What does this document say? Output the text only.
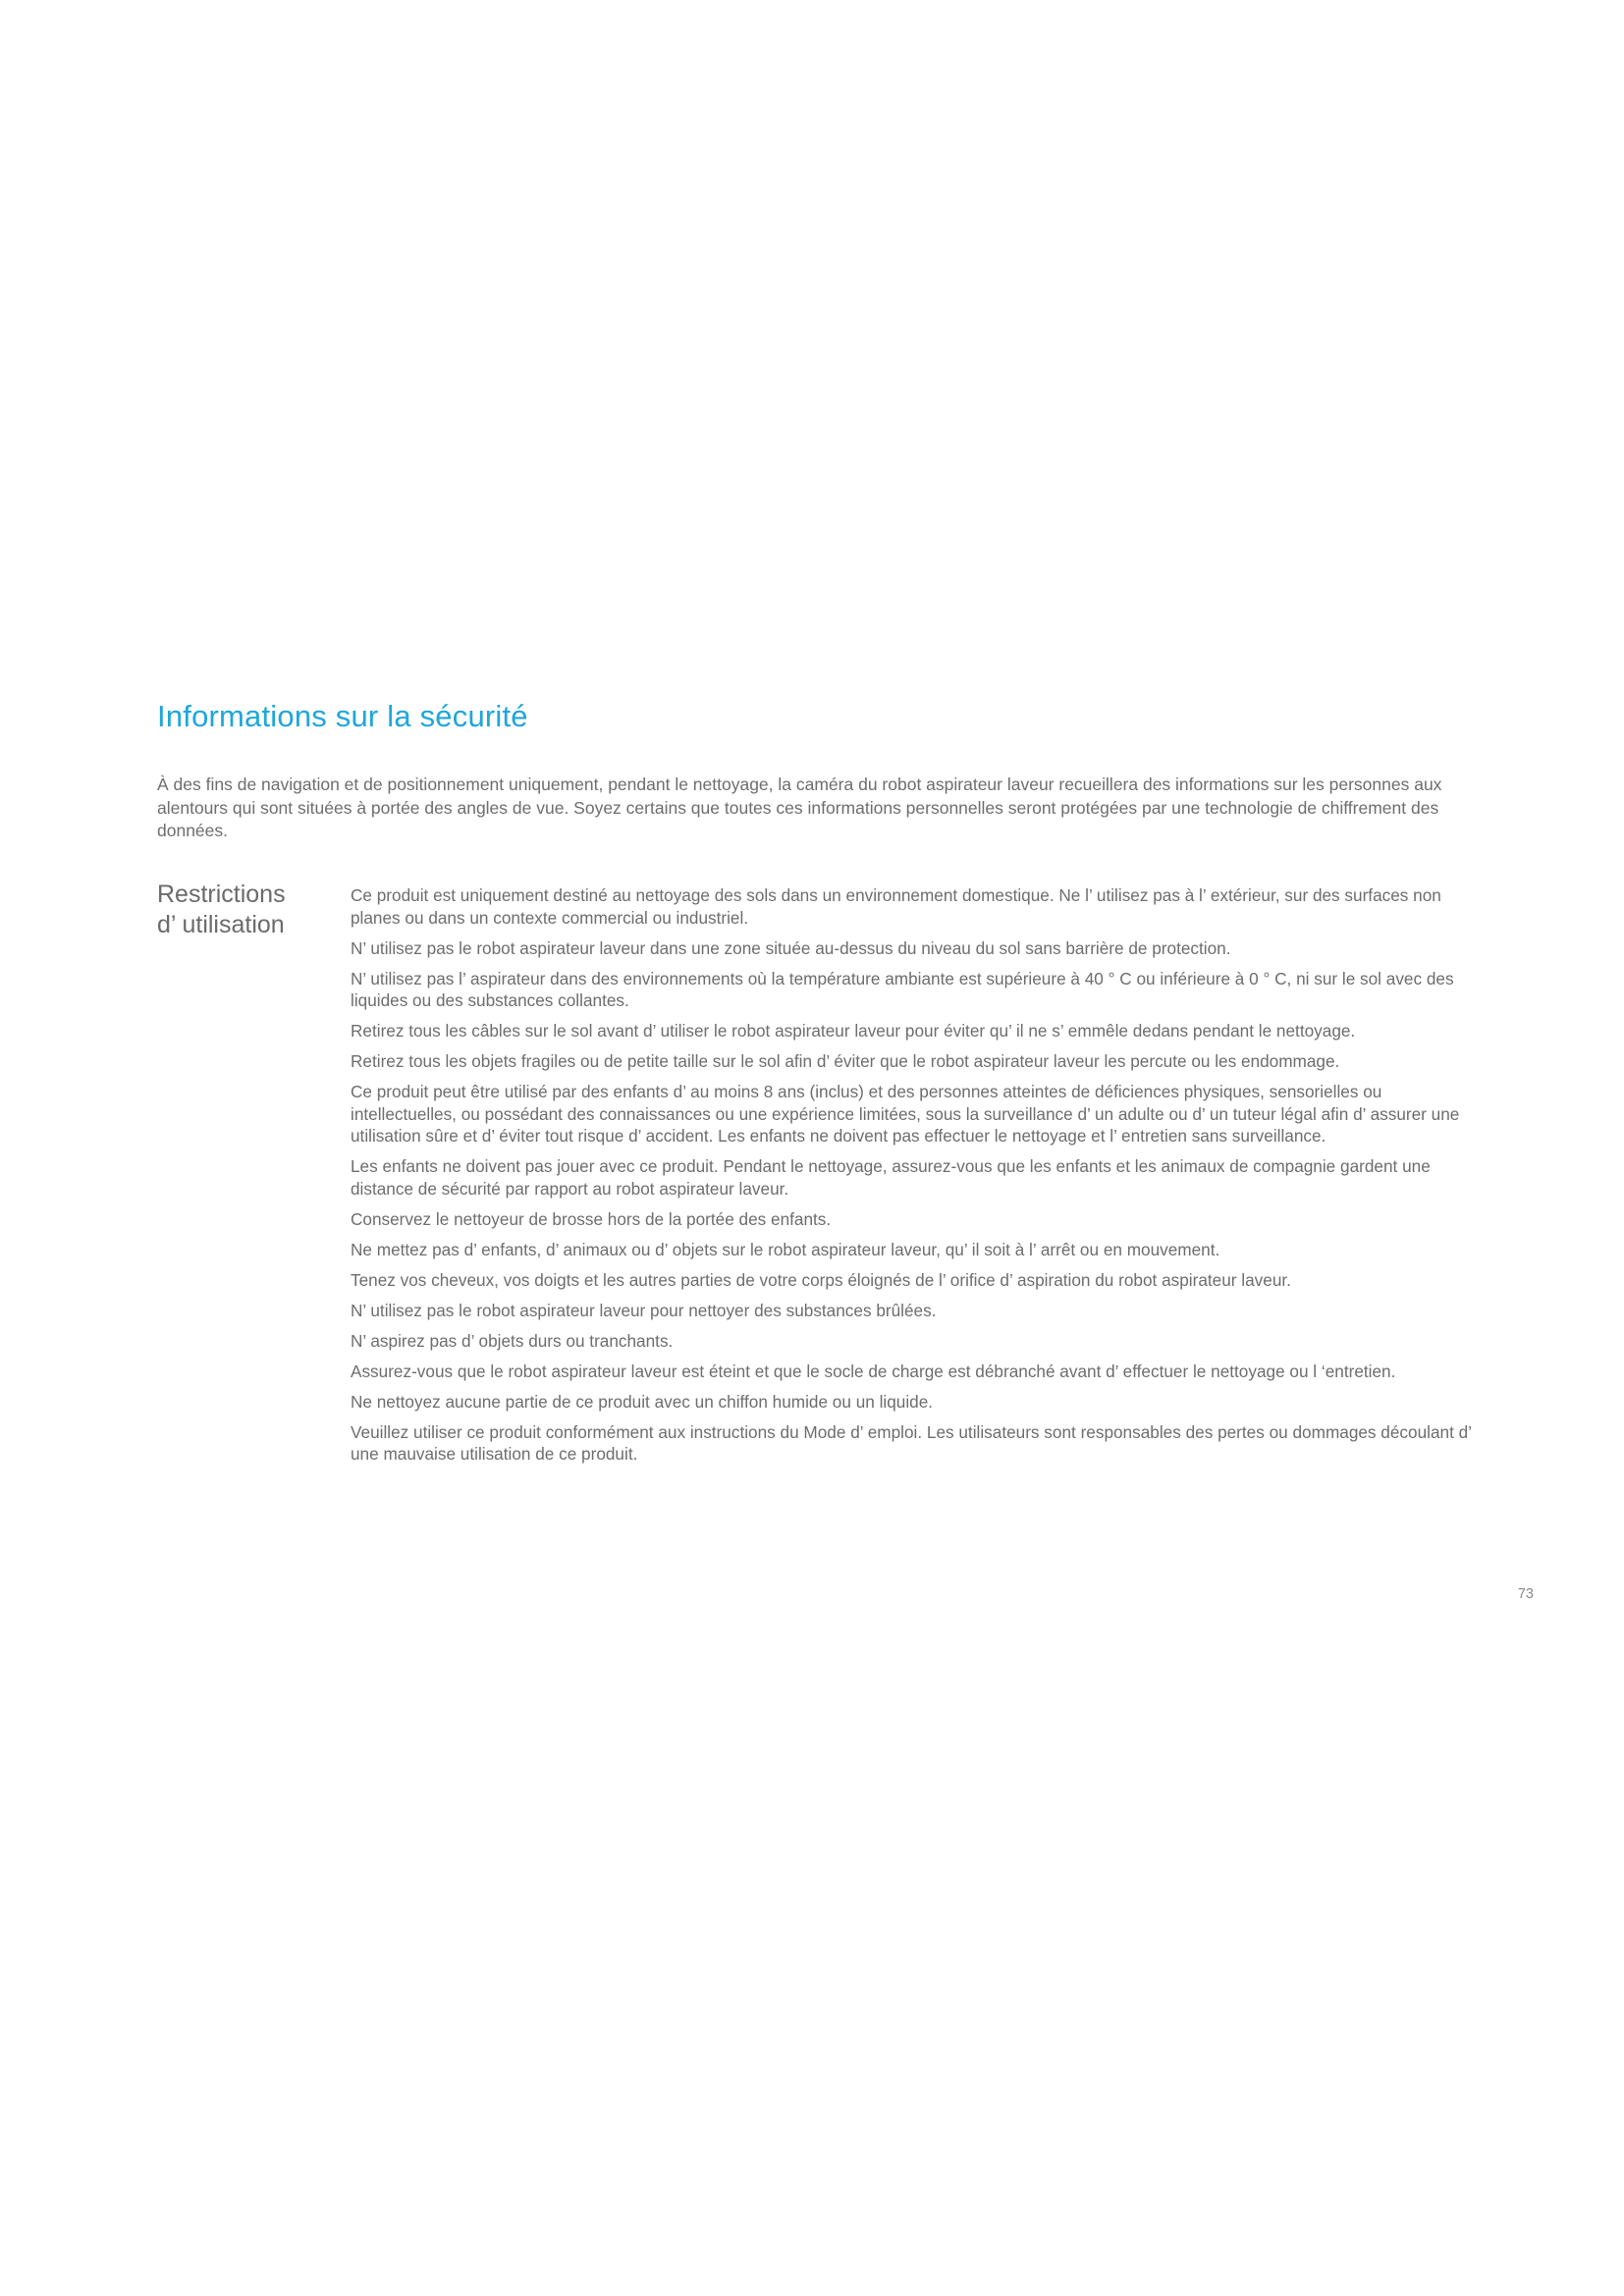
Informations sur la sécurité

À des fins de navigation et de positionnement uniquement, pendant le nettoyage, la caméra du robot aspirateur laveur recueillera des informations sur les personnes aux alentours qui sont situées à portée des angles de vue. Soyez certains que toutes ces informations personnelles seront protégées par une technologie de chiffrement des données.

Restrictions
d’ utilisation
Ce produit est uniquement destiné au nettoyage des sols dans un environnement domestique. Ne l’ utilisez pas à l’ extérieur, sur des surfaces non planes ou dans un contexte commercial ou industriel.
N’ utilisez pas le robot aspirateur laveur dans une zone située au-dessus du niveau du sol sans barrière de protection.
N’ utilisez pas l’ aspirateur dans des environnements où la température ambiante est supérieure à 40 ° C ou inférieure à 0 ° C, ni sur le sol avec des liquides ou des substances collantes.
Retirez tous les câbles sur le sol avant d’ utiliser le robot aspirateur laveur pour éviter qu’ il ne s’ emmêle dedans pendant le nettoyage.
Retirez tous les objets fragiles ou de petite taille sur le sol afin d’ éviter que le robot aspirateur laveur les percute ou les endommage.
Ce produit peut être utilisé par des enfants d’ au moins 8 ans (inclus) et des personnes atteintes de déficiences physiques, sensorielles ou intellectuelles, ou possédant des connaissances ou une expérience limitées, sous la surveillance d’ un adulte ou d’ un tuteur légal afin d’ assurer une utilisation sûre et d’ éviter tout risque d’ accident. Les enfants ne doivent pas effectuer le nettoyage et l’ entretien sans surveillance.
Les enfants ne doivent pas jouer avec ce produit. Pendant le nettoyage, assurez-vous que les enfants et les animaux de compagnie gardent une distance de sécurité par rapport au robot aspirateur laveur.
Conservez le nettoyeur de brosse hors de la portée des enfants.
Ne mettez pas d’ enfants, d’ animaux ou d’ objets sur le robot aspirateur laveur, qu’ il soit à l’ arrêt ou en mouvement.
Tenez vos cheveux, vos doigts et les autres parties de votre corps éloignés de l’ orifice d’ aspiration du robot aspirateur laveur.
N’ utilisez pas le robot aspirateur laveur pour nettoyer des substances brûlées.
N’ aspirez pas d’ objets durs ou tranchants.
Assurez-vous que le robot aspirateur laveur est éteint et que le socle de charge est débranché avant d’ effectuer le nettoyage ou l ‘entretien.
Ne nettoyez aucune partie de ce produit avec un chiffon humide ou un liquide.
Veuillez utiliser ce produit conformément aux instructions du Mode d’ emploi. Les utilisateurs sont responsables des pertes ou dommages découlant d’ une mauvaise utilisation de ce produit.
73
